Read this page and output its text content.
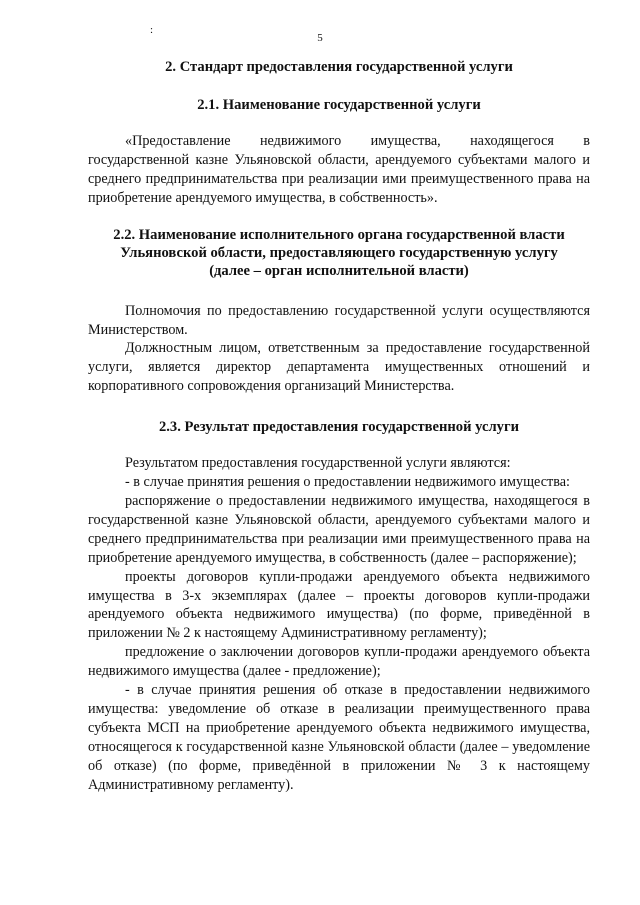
:
5
2. Стандарт предоставления государственной услуги
2.1. Наименование государственной услуги

«Предоставление недвижимого имущества, находящегося в государственной казне Ульяновской области, арендуемого субъектами малого и среднего предпринимательства при реализации ими преимущественного права на приобретение арендуемого имущества, в собственность».

2.2. Наименование исполнительного органа государственной власти
Ульяновской области, предоставляющего государственную услугу
(далее – орган исполнительной власти)

Полномочия по предоставлению государственной услуги осуществляются Министерством.

Должностным лицом, ответственным за предоставление государственной услуги, является директор департамента имущественных отношений и корпоративного сопровождения организаций Министерства.

2.3. Результат предоставления государственной услуги

Результатом предоставления государственной услуги являются:

- в случае принятия решения о предоставлении недвижимого имущества:

распоряжение о предоставлении недвижимого имущества, находящегося в государственной казне Ульяновской области, арендуемого субъектами малого и среднего предпринимательства при реализации ими преимущественного права на приобретение арендуемого имущества, в собственность (далее – распоряжение);

проекты договоров купли-продажи арендуемого объекта недвижимого имущества в 3-х экземплярах (далее – проекты договоров купли-продажи арендуемого объекта недвижимого имущества) (по форме, приведённой в приложении № 2 к настоящему Административному регламенту);

предложение о заключении договоров купли-продажи арендуемого объекта недвижимого имущества (далее - предложение);

- в случае принятия решения об отказе в предоставлении недвижимого имущества: уведомление об отказе в реализации преимущественного права субъекта МСП на приобретение арендуемого объекта недвижимого имущества, относящегося к государственной казне Ульяновской области (далее – уведомление об отказе) (по форме, приведённой в приложении № 3 к настоящему Административному регламенту).
